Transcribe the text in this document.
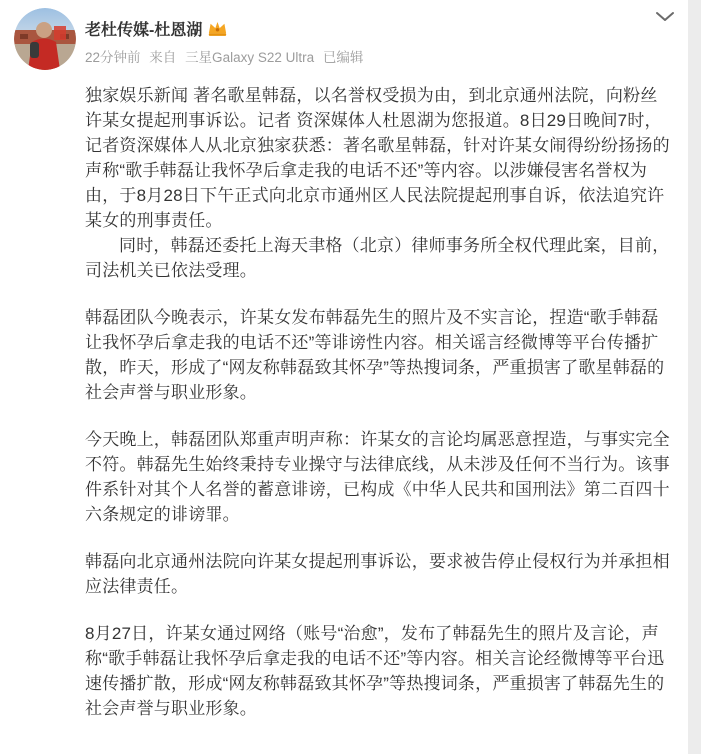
老杜传媒-杜恩湖
22分钟前 来自 三星Galaxy S22 Ultra 已编辑

独家娱乐新闻 著名歌星韩磊，以名誉权受损为由，到北京通州法院，向粉丝许某女提起刑事诉讼。记者 资深媒体人杜恩湖为您报道。8日29日晚间7时，记者资深媒体人从北京独家获悉：著名歌星韩磊，针对许某女闹得纷纷扬扬的声称“歌手韩磊让我怀孕后拿走我的电话不还”等内容。以涉嫌侵害名誉权为由，于8月28日下午正式向北京市通州区人民法院提起刑事自诉，依法追究许某女的刑事责任。

同时，韩磊还委托上海天聿格（北京）律师事务所全权代理此案，目前，司法机关已依法受理。

韩磊团队今晚表示，许某女发布韩磊先生的照片及不实言论，捏造“歌手韩磊让我怀孕后拿走我的电话不还”等诽谤性内容。相关谣言经微博等平台传播扩散，昨天，形成了“网友称韩磊致其怀孕”等热搜词条，严重损害了歌星韩磊的社会声誉与职业形象。

今天晚上，韩磊团队郑重声明声称：许某女的言论均属恶意捏造，与事实完全不符。韩磊先生始终秉持专业操守与法律底线，从未涉及任何不当行为。该事件系针对其个人名誉的蓄意诽谤，已构成《中华人民共和国刑法》第二百四十六条规定的诽谤罪。

韩磊向北京通州法院向许某女提起刑事诉讼，要求被告停止侵权行为并承担相应法律责任。

8月27日，许某女通过网络（账号“治愈”，发布了韩磊先生的照片及言论，声称“歌手韩磊让我怀孕后拿走我的电话不还”等内容。相关言论经微博等平台迅速传播扩散，形成“网友称韩磊致其怀孕”等热搜词条，严重损害了韩磊先生的社会声誉与职业形象。
